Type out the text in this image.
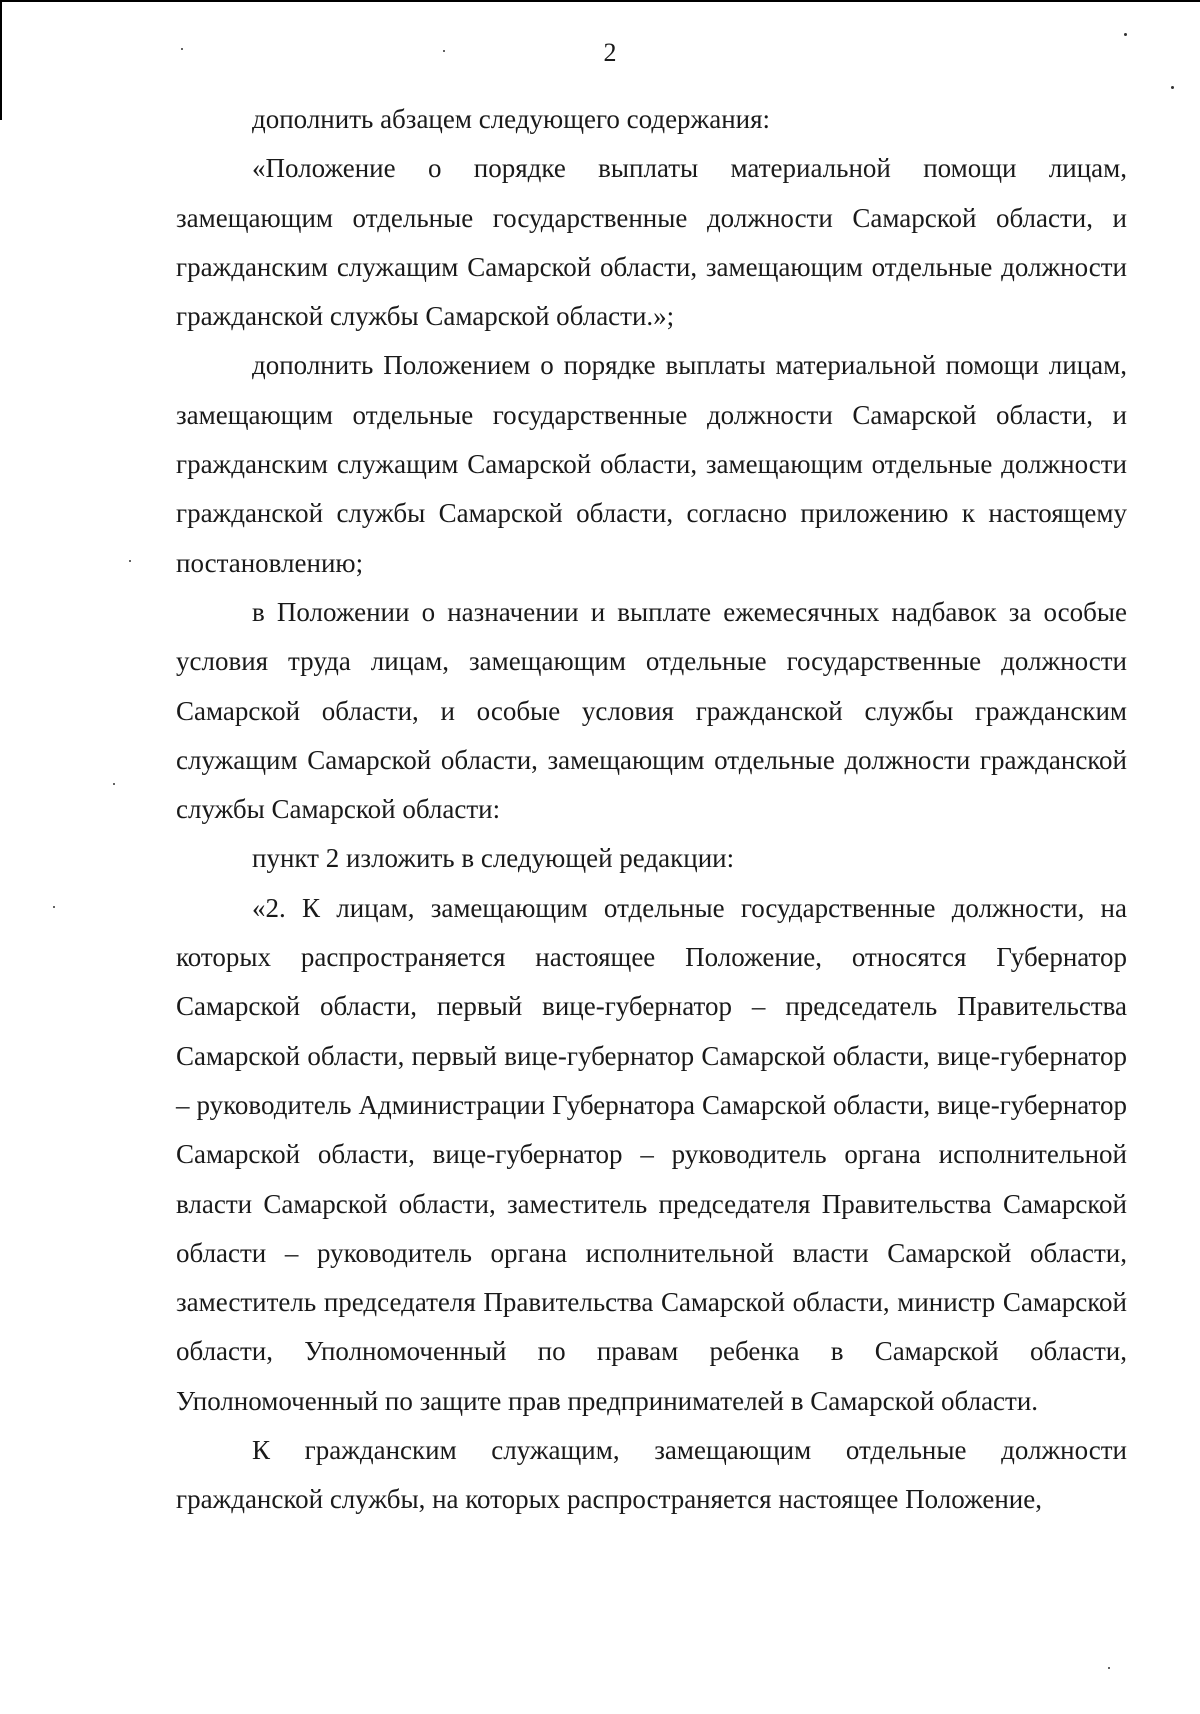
2

дополнить абзацем следующего содержания:

«Положение о порядке выплаты материальной помощи лицам, замещающим отдельные государственные должности Самарской области, и гражданским служащим Самарской области, замещающим отдельные должности гражданской службы Самарской области.»;

дополнить Положением о порядке выплаты материальной помощи лицам, замещающим отдельные государственные должности Самарской области, и гражданским служащим Самарской области, замещающим отдельные должности гражданской службы Самарской области, согласно приложению к настоящему постановлению;

в Положении о назначении и выплате ежемесячных надбавок за особые условия труда лицам, замещающим отдельные государственные должности Самарской области, и особые условия гражданской службы гражданским служащим Самарской области, замещающим отдельные должности гражданской службы Самарской области:

пункт 2 изложить в следующей редакции:

«2. К лицам, замещающим отдельные государственные должности, на которых распространяется настоящее Положение, относятся Губернатор Самарской области, первый вице-губернатор – председатель Правительства Самарской области, первый вице-губернатор Самарской области, вице-губернатор – руководитель Администрации Губернатора Самарской области, вице-губернатор Самарской области, вице-губернатор – руководитель органа исполнительной власти Самарской области, заместитель председателя Правительства Самарской области – руководитель органа исполнительной власти Самарской области, заместитель председателя Правительства Самарской области, министр Самарской области, Уполномоченный по правам ребенка в Самарской области, Уполномоченный по защите прав предпринимателей в Самарской области.

К гражданским служащим, замещающим отдельные должности гражданской службы, на которых распространяется настоящее Положение,
